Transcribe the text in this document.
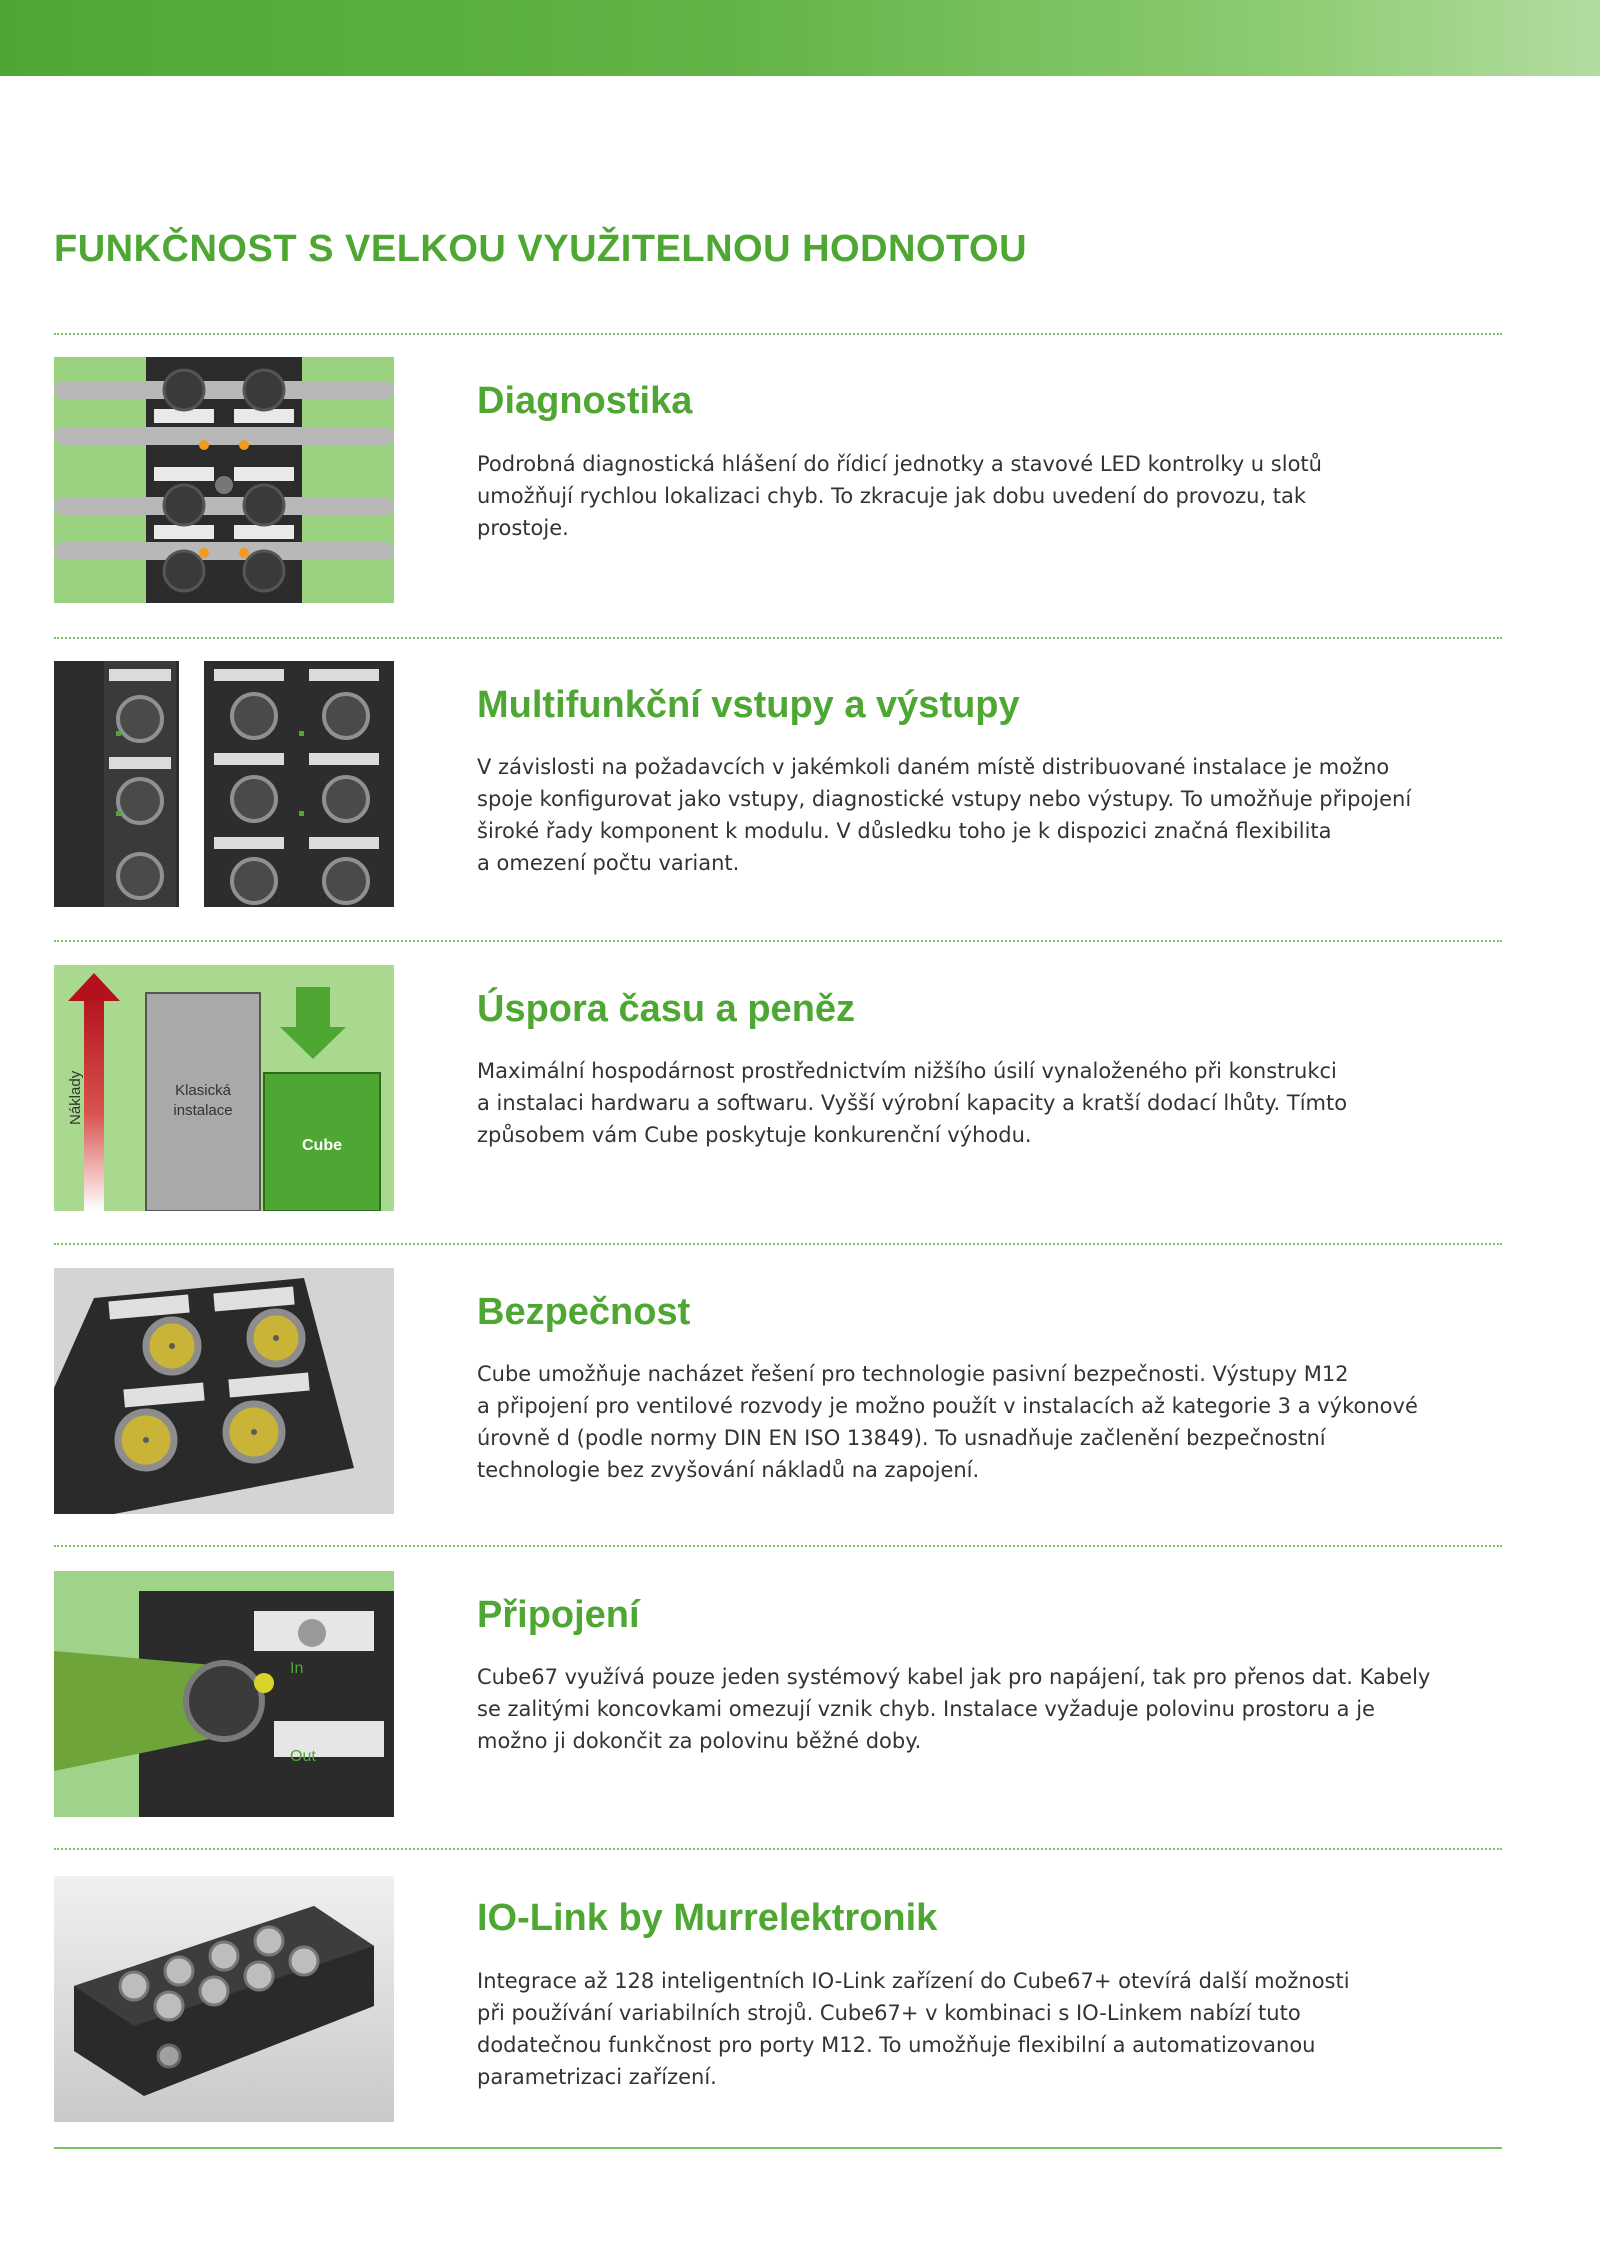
FUNKČNOST S VELKOU VYUŽITELNOU HODNOTOU
Diagnostika

Podrobná diagnostická hlášení do řídicí jednotky a stavové LED kontrolky u slotů
umožňují rychlou lokalizaci chyb. To zkracuje jak dobu uvedení do provozu, tak
prostoje.

Multifunkční vstupy a výstupy

V závislosti na požadavcích v jakémkoli daném místě distribuované instalace je možno
spoje konfigurovat jako vstupy, diagnostické vstupy nebo výstupy. To umožňuje připojení
široké řady komponent k modulu. V důsledku toho je k dispozici značná flexibilita
a omezení počtu variant.

Náklady	Klasická
instalace
Cube
Úspora času a peněz

Maximální hospodárnost prostřednictvím nižšího úsilí vynaloženého při konstrukci
a instalaci hardwaru a softwaru. Vyšší výrobní kapacity a kratší dodací lhůty. Tímto
způsobem vám Cube poskytuje konkurenční výhodu.

Bezpečnost

Cube umožňuje nacházet řešení pro technologie pasivní bezpečnosti. Výstupy M12
a připojení pro ventilové rozvody je možno použít v instalacích až kategorie 3 a výkonové
úrovně d (podle normy DIN EN ISO 13849). To usnadňuje začlenění bezpečnostní
technologie bez zvyšování nákladů na zapojení.

In
Out
Připojení

Cube67 využívá pouze jeden systémový kabel jak pro napájení, tak pro přenos dat. Kabely
se zalitými koncovkami omezují vznik chyb. Instalace vyžaduje polovinu prostoru a je
možno ji dokončit za polovinu běžné doby.

IO-Link by Murrelektronik

Integrace až 128 inteligentních IO-Link zařízení do Cube67+ otevírá další možnosti
při používání variabilních strojů. Cube67+ v kombinaci s IO-Linkem nabízí tuto
dodatečnou funkčnost pro porty M12. To umožňuje flexibilní a automatizovanou
parametrizaci zařízení.
